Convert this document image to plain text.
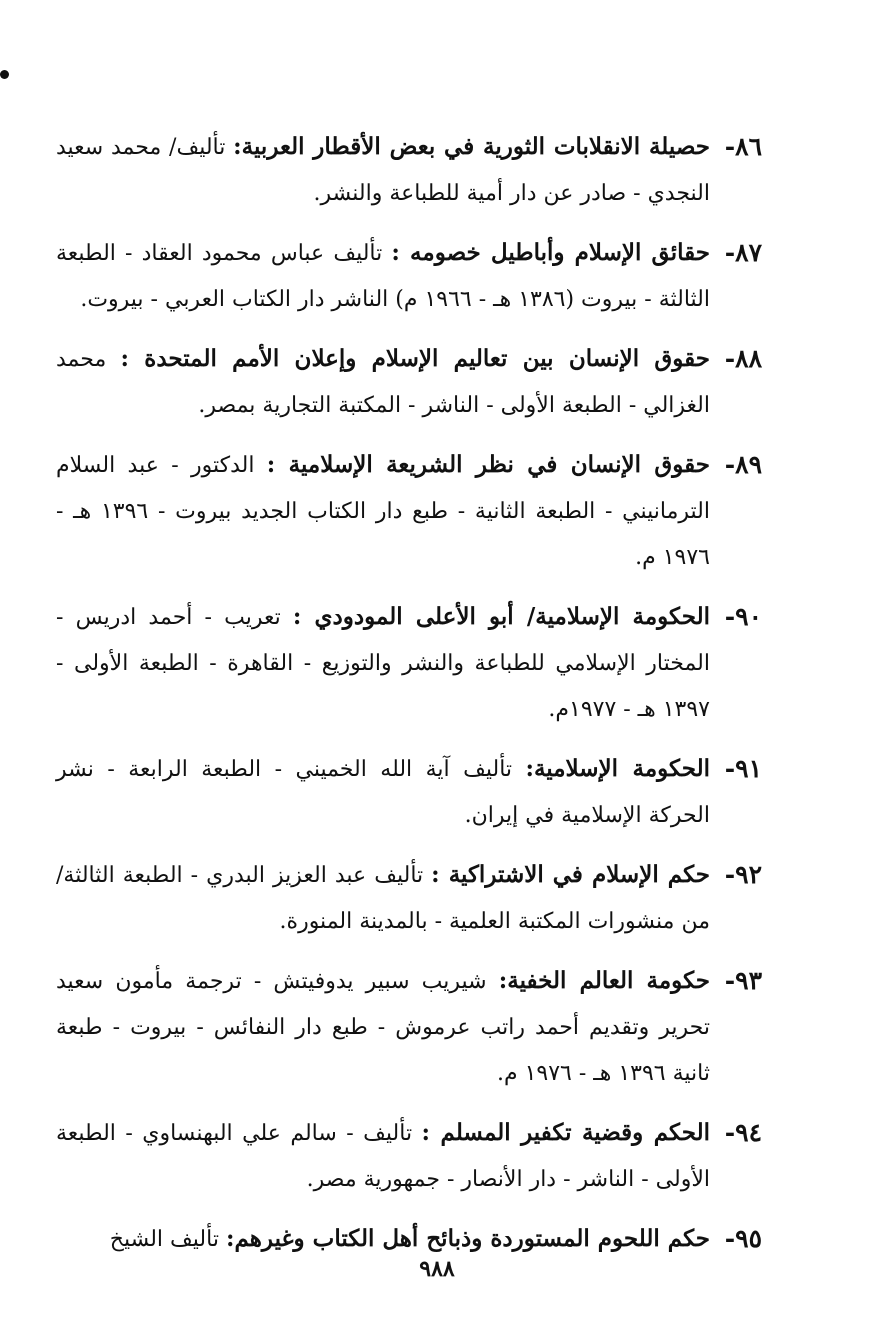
٨٦-
حصيلة الانقلابات الثورية في بعض الأقطار العربية: تأليف/ محمد سعيد النجدي - صادر عن دار أمية للطباعة والنشر.
٨٧-
حقائق الإسلام وأباطيل خصومه : تأليف عباس محمود العقاد - الطبعة الثالثة - بيروت (١٣٨٦ هـ - ١٩٦٦ م) الناشر دار الكتاب العربي - بيروت.
٨٨-
حقوق الإنسان بين تعاليم الإسلام وإعلان الأمم المتحدة : محمد الغزالي - الطبعة الأولى - الناشر - المكتبة التجارية بمصر.
٨٩-
حقوق الإنسان في نظر الشريعة الإسلامية : الدكتور - عبد السلام الترمانيني - الطبعة الثانية - طبع دار الكتاب الجديد بيروت - ١٣٩٦ هـ - ١٩٧٦ م.
٩٠-
الحكومة الإسلامية/ أبو الأعلى المودودي : تعريب - أحمد ادريس - المختار الإسلامي للطباعة والنشر والتوزيع - القاهرة - الطبعة الأولى - ١٣٩٧ هـ - ١٩٧٧م.
٩١-
الحكومة الإسلامية: تأليف آية الله الخميني - الطبعة الرابعة - نشر الحركة الإسلامية في إيران.
٩٢-
حكم الإسلام في الاشتراكية : تأليف عبد العزيز البدري - الطبعة الثالثة/ من منشورات المكتبة العلمية - بالمدينة المنورة.
٩٣-
حكومة العالم الخفية: شيريب سبير يدوفيتش - ترجمة مأمون سعيد تحرير وتقديم أحمد راتب عرموش - طبع دار النفائس - بيروت - طبعة ثانية ١٣٩٦ هـ - ١٩٧٦ م.
٩٤-
الحكم وقضية تكفير المسلم : تأليف - سالم علي البهنساوي - الطبعة الأولى - الناشر - دار الأنصار - جمهورية مصر.
٩٥-
حكم اللحوم المستوردة وذبائح أهل الكتاب وغيرهم: تأليف الشيخ
٩٨٨
